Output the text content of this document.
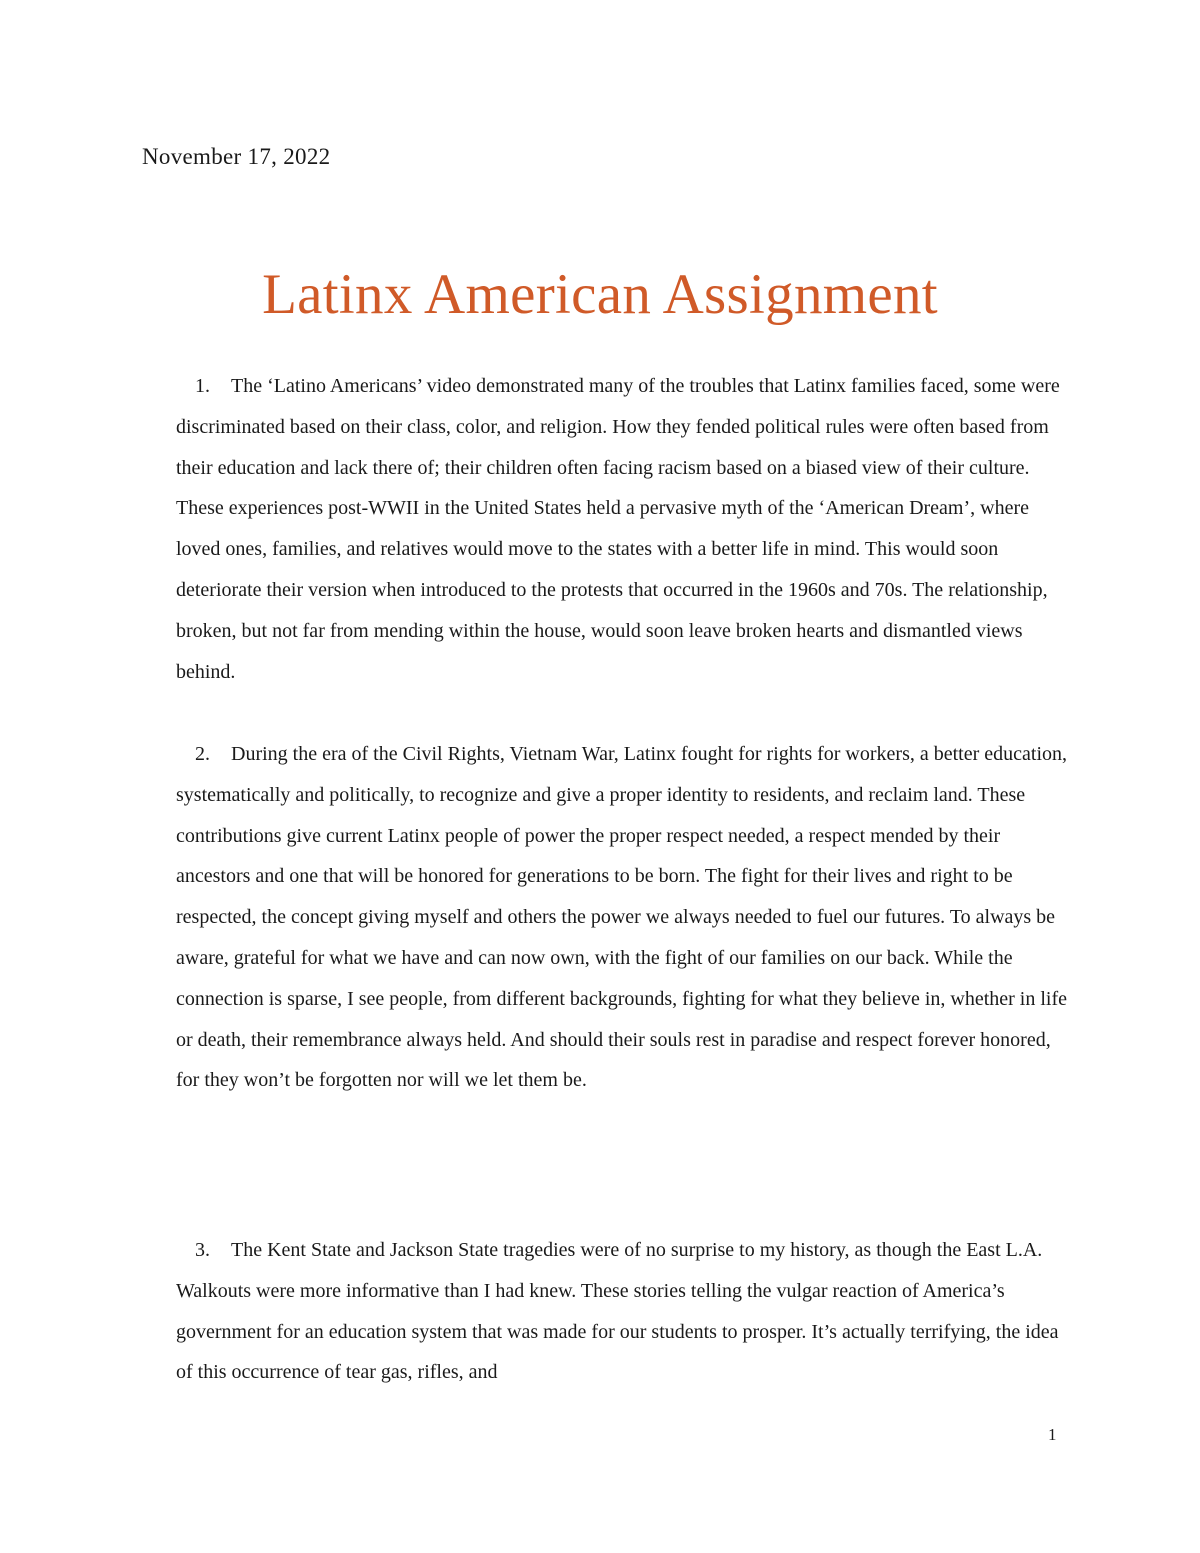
November 17, 2022
Latinx American Assignment
1.	The ‘Latino Americans’ video demonstrated many of the troubles that Latinx families faced, some were discriminated based on their class, color, and religion. How they fended political rules were often based from their education and lack there of; their children often facing racism based on a biased view of their culture. These experiences post-WWII in the United States held a pervasive myth of the ‘American Dream’, where loved ones, families, and relatives would move to the states with a better life in mind. This would soon deteriorate their version when introduced to the protests that occurred in the 1960s and 70s. The relationship, broken, but not far from mending within the house, would soon leave broken hearts and dismantled views behind.

2.	During the era of the Civil Rights, Vietnam War, Latinx fought for rights for workers, a better education, systematically and politically, to recognize and give a proper identity to residents, and reclaim land. These contributions give current Latinx people of power the proper respect needed, a respect mended by their ancestors and one that will be honored for generations to be born. The fight for their lives and right to be respected, the concept giving myself and others the power we always needed to fuel our futures. To always be aware, grateful for what we have and can now own, with the fight of our families on our back. While the connection is sparse, I see people, from different backgrounds, fighting for what they believe in, whether in life or death, their remembrance always held. And should their souls rest in paradise and respect forever honored, for they won’t be forgotten nor will we let them be.

3.	The Kent State and Jackson State tragedies were of no surprise to my history, as though the East L.A. Walkouts were more informative than I had knew. These stories telling the vulgar reaction of America’s government for an education system that was made for our students to prosper. It’s actually terrifying, the idea of this occurrence of tear gas, rifles, and

1
